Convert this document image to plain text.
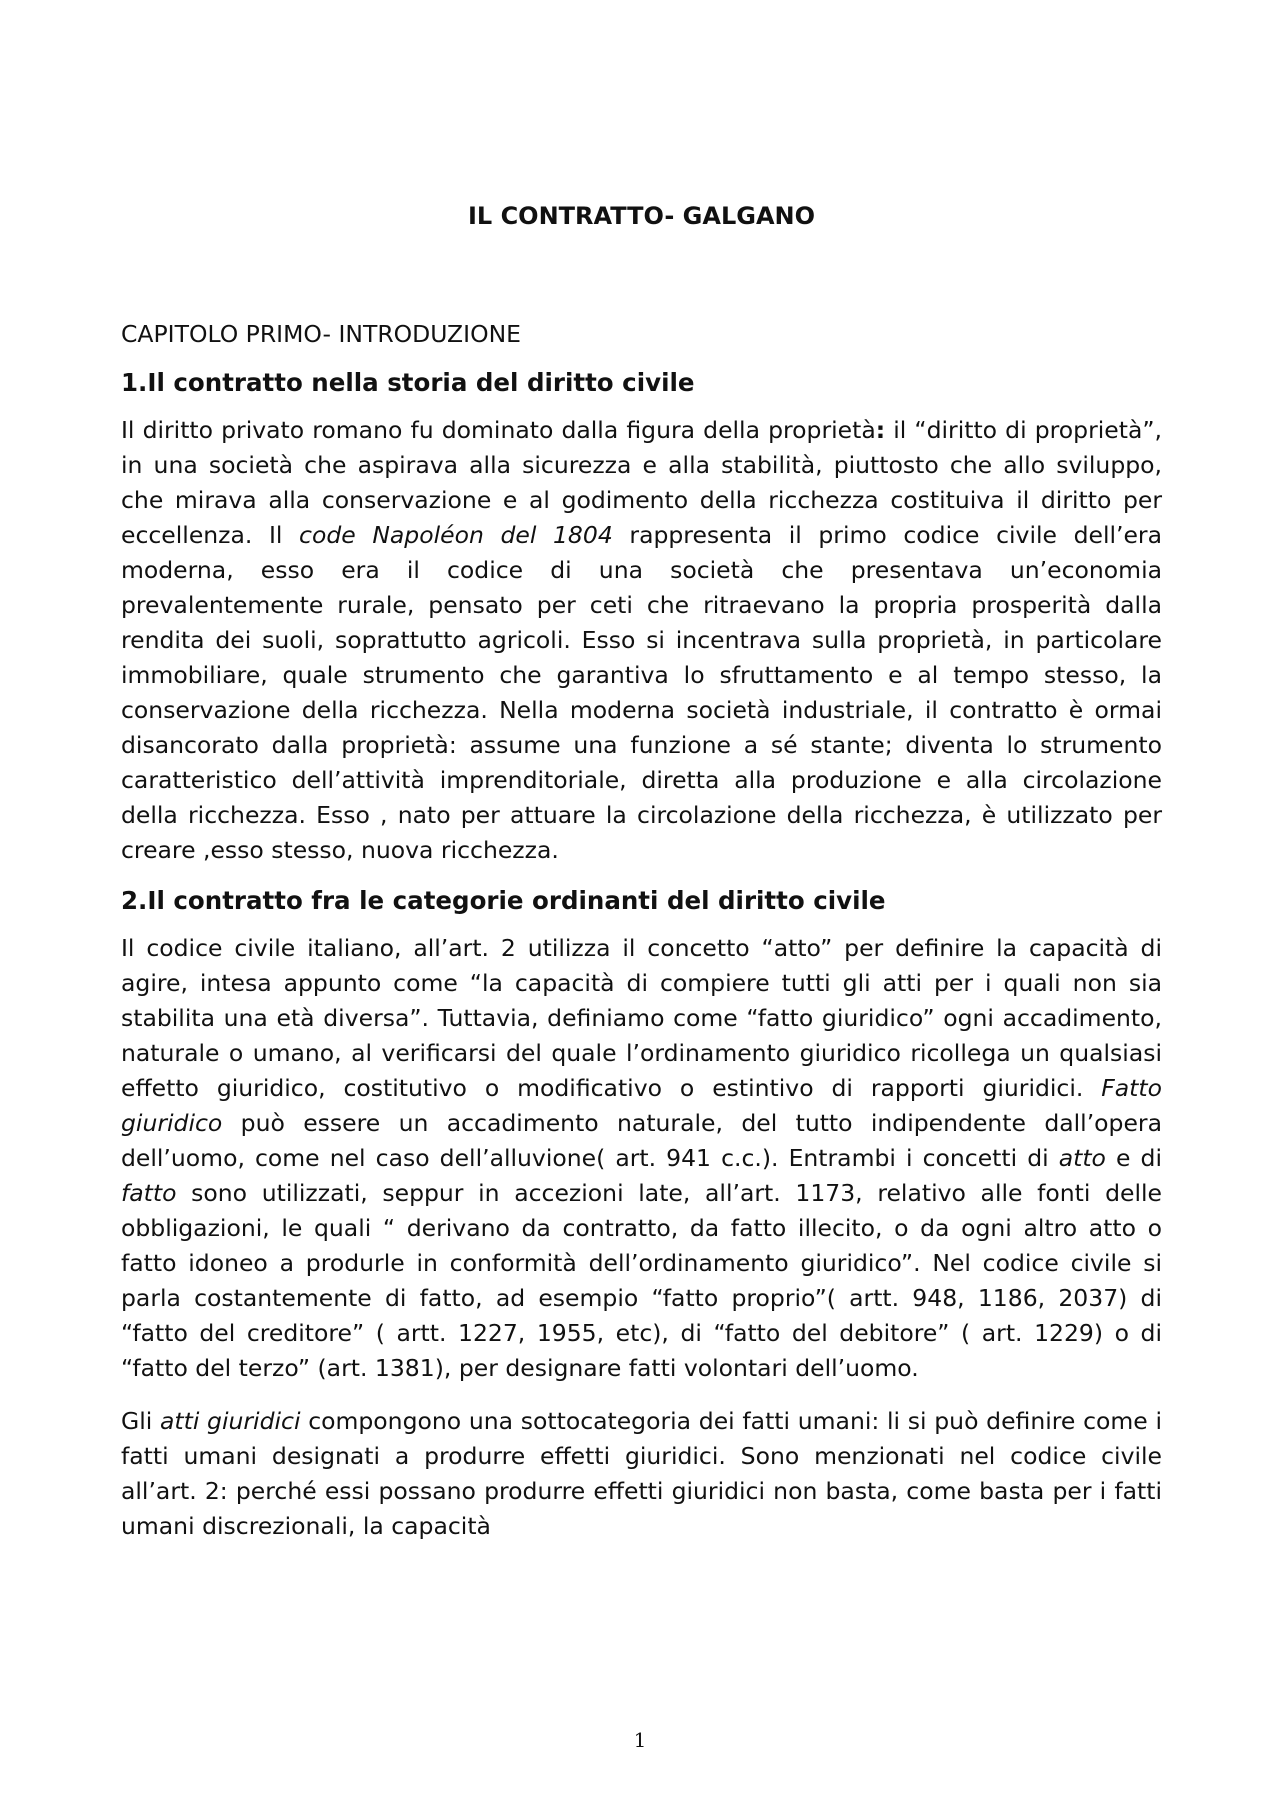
IL CONTRATTO- GALGANO
CAPITOLO PRIMO- INTRODUZIONE
1.Il contratto nella storia del diritto civile

Il diritto privato romano fu dominato dalla figura della proprietà: il “diritto di proprietà”, in una società che aspirava alla sicurezza e alla stabilità, piuttosto che allo sviluppo, che mirava alla conservazione e al godimento della ricchezza costituiva il diritto per eccellenza. Il code Napoléon del 1804 rappresenta il primo codice civile dell’era moderna, esso era il codice di una società che presentava un’economia prevalentemente rurale, pensato per ceti che ritraevano la propria prosperità dalla rendita dei suoli, soprattutto agricoli. Esso si incentrava sulla proprietà, in particolare immobiliare, quale strumento che garantiva lo sfruttamento e al tempo stesso, la conservazione della ricchezza. Nella moderna società industriale, il contratto è ormai disancorato dalla proprietà: assume una funzione a sé stante; diventa lo strumento caratteristico dell’attività imprenditoriale, diretta alla produzione e alla circolazione della ricchezza. Esso , nato per attuare la circolazione della ricchezza, è utilizzato per creare ,esso stesso, nuova ricchezza.

2.Il contratto fra le categorie ordinanti del diritto civile

Il codice civile italiano, all’art. 2 utilizza il concetto “atto” per definire la capacità di agire, intesa appunto come “la capacità di compiere tutti gli atti per i quali non sia stabilita una età diversa”. Tuttavia, definiamo come “fatto giuridico” ogni accadimento, naturale o umano, al verificarsi del quale l’ordinamento giuridico ricollega un qualsiasi effetto giuridico, costitutivo o modificativo o estintivo di rapporti giuridici. Fatto giuridico può essere un accadimento naturale, del tutto indipendente dall’opera dell’uomo, come nel caso dell’alluvione( art. 941 c.c.). Entrambi i concetti di atto e di fatto sono utilizzati, seppur in accezioni late, all’art. 1173, relativo alle fonti delle obbligazioni, le quali “ derivano da contratto, da fatto illecito, o da ogni altro atto o fatto idoneo a produrle in conformità dell’ordinamento giuridico”. Nel codice civile si parla costantemente di fatto, ad esempio “fatto proprio”( artt. 948, 1186, 2037) di “fatto del creditore” ( artt. 1227, 1955, etc), di “fatto del debitore” ( art. 1229) o di “fatto del terzo” (art. 1381), per designare fatti volontari dell’uomo.

Gli atti giuridici compongono una sottocategoria dei fatti umani: li si può definire come i fatti umani designati a produrre effetti giuridici. Sono menzionati nel codice civile all’art. 2: perché essi possano produrre effetti giuridici non basta, come basta per i fatti umani discrezionali, la capacità

1
